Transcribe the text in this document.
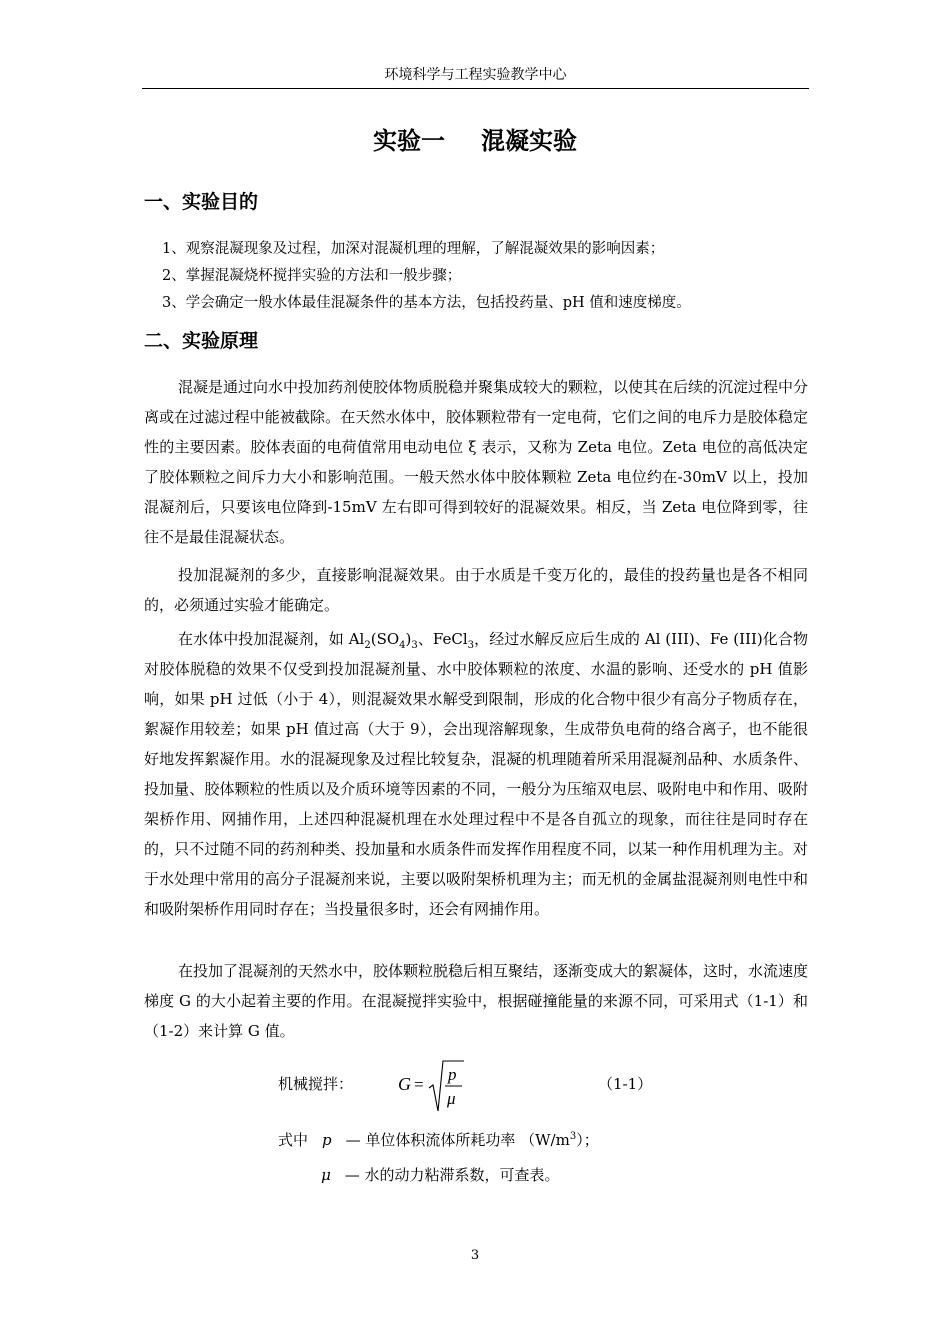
环境科学与工程实验教学中心
实验一 混凝实验
一、实验目的
1、观察混凝现象及过程，加深对混凝机理的理解，了解混凝效果的影响因素；
2、掌握混凝烧杯搅拌实验的方法和一般步骤；
3、学会确定一般水体最佳混凝条件的基本方法，包括投药量、pH 值和速度梯度。
二、实验原理

混凝是通过向水中投加药剂使胶体物质脱稳并聚集成较大的颗粒，以使其在后续的沉淀过程中分离或在过滤过程中能被截除。在天然水体中，胶体颗粒带有一定电荷，它们之间的电斥力是胶体稳定性的主要因素。胶体表面的电荷值常用电动电位 ξ 表示，又称为 Zeta 电位。Zeta 电位的高低决定了胶体颗粒之间斥力大小和影响范围。一般天然水体中胶体颗粒 Zeta 电位约在-30mV 以上，投加混凝剂后，只要该电位降到-15mV 左右即可得到较好的混凝效果。相反，当 Zeta 电位降到零，往往不是最佳混凝状态。

投加混凝剂的多少，直接影响混凝效果。由于水质是千变万化的，最佳的投药量也是各不相同的，必须通过实验才能确定。

在水体中投加混凝剂，如 $Al_2(SO_4)_3$、FeCl$_3$，经过水解反应后生成的 Al (III)、Fe (III)化合物对胶体脱稳的效果不仅受到投加混凝剂量、水中胶体颗粒的浓度、水温的影响、还受水的 pH 值影响，如果 pH 过低（小于 4），则混凝效果水解受到限制，形成的化合物中很少有高分子物质存在，絮凝作用较差；如果 pH 值过高（大于 9），会出现溶解现象，生成带负电荷的络合离子，也不能很好地发挥絮凝作用。水的混凝现象及过程比较复杂，混凝的机理随着所采用混凝剂品种、水质条件、投加量、胶体颗粒的性质以及介质环境等因素的不同，一般分为压缩双电层、吸附电中和作用、吸附架桥作用、网捕作用，上述四种混凝机理在水处理过程中不是各自孤立的现象，而往往是同时存在的，只不过随不同的药剂种类、投加量和水质条件而发挥作用程度不同，以某一种作用机理为主。对于水处理中常用的高分子混凝剂来说，主要以吸附架桥机理为主；而无机的金属盐混凝剂则电性中和和吸附架桥作用同时存在；当投量很多时，还会有网捕作用。

在投加了混凝剂的天然水中，胶体颗粒脱稳后相互聚结，逐渐变成大的絮凝体，这时，水流速度梯度 G 的大小起着主要的作用。在混凝搅拌实验中，根据碰撞能量的来源不同，可采用式（1-1）和（1-2）来计算 G 值。

机械搅拌： G =
p
μ
（1-1）
式中 p — 单位体积流体所耗功率 $(W/m^3)$；
μ — 水的动力粘滞系数，可查表。
3
